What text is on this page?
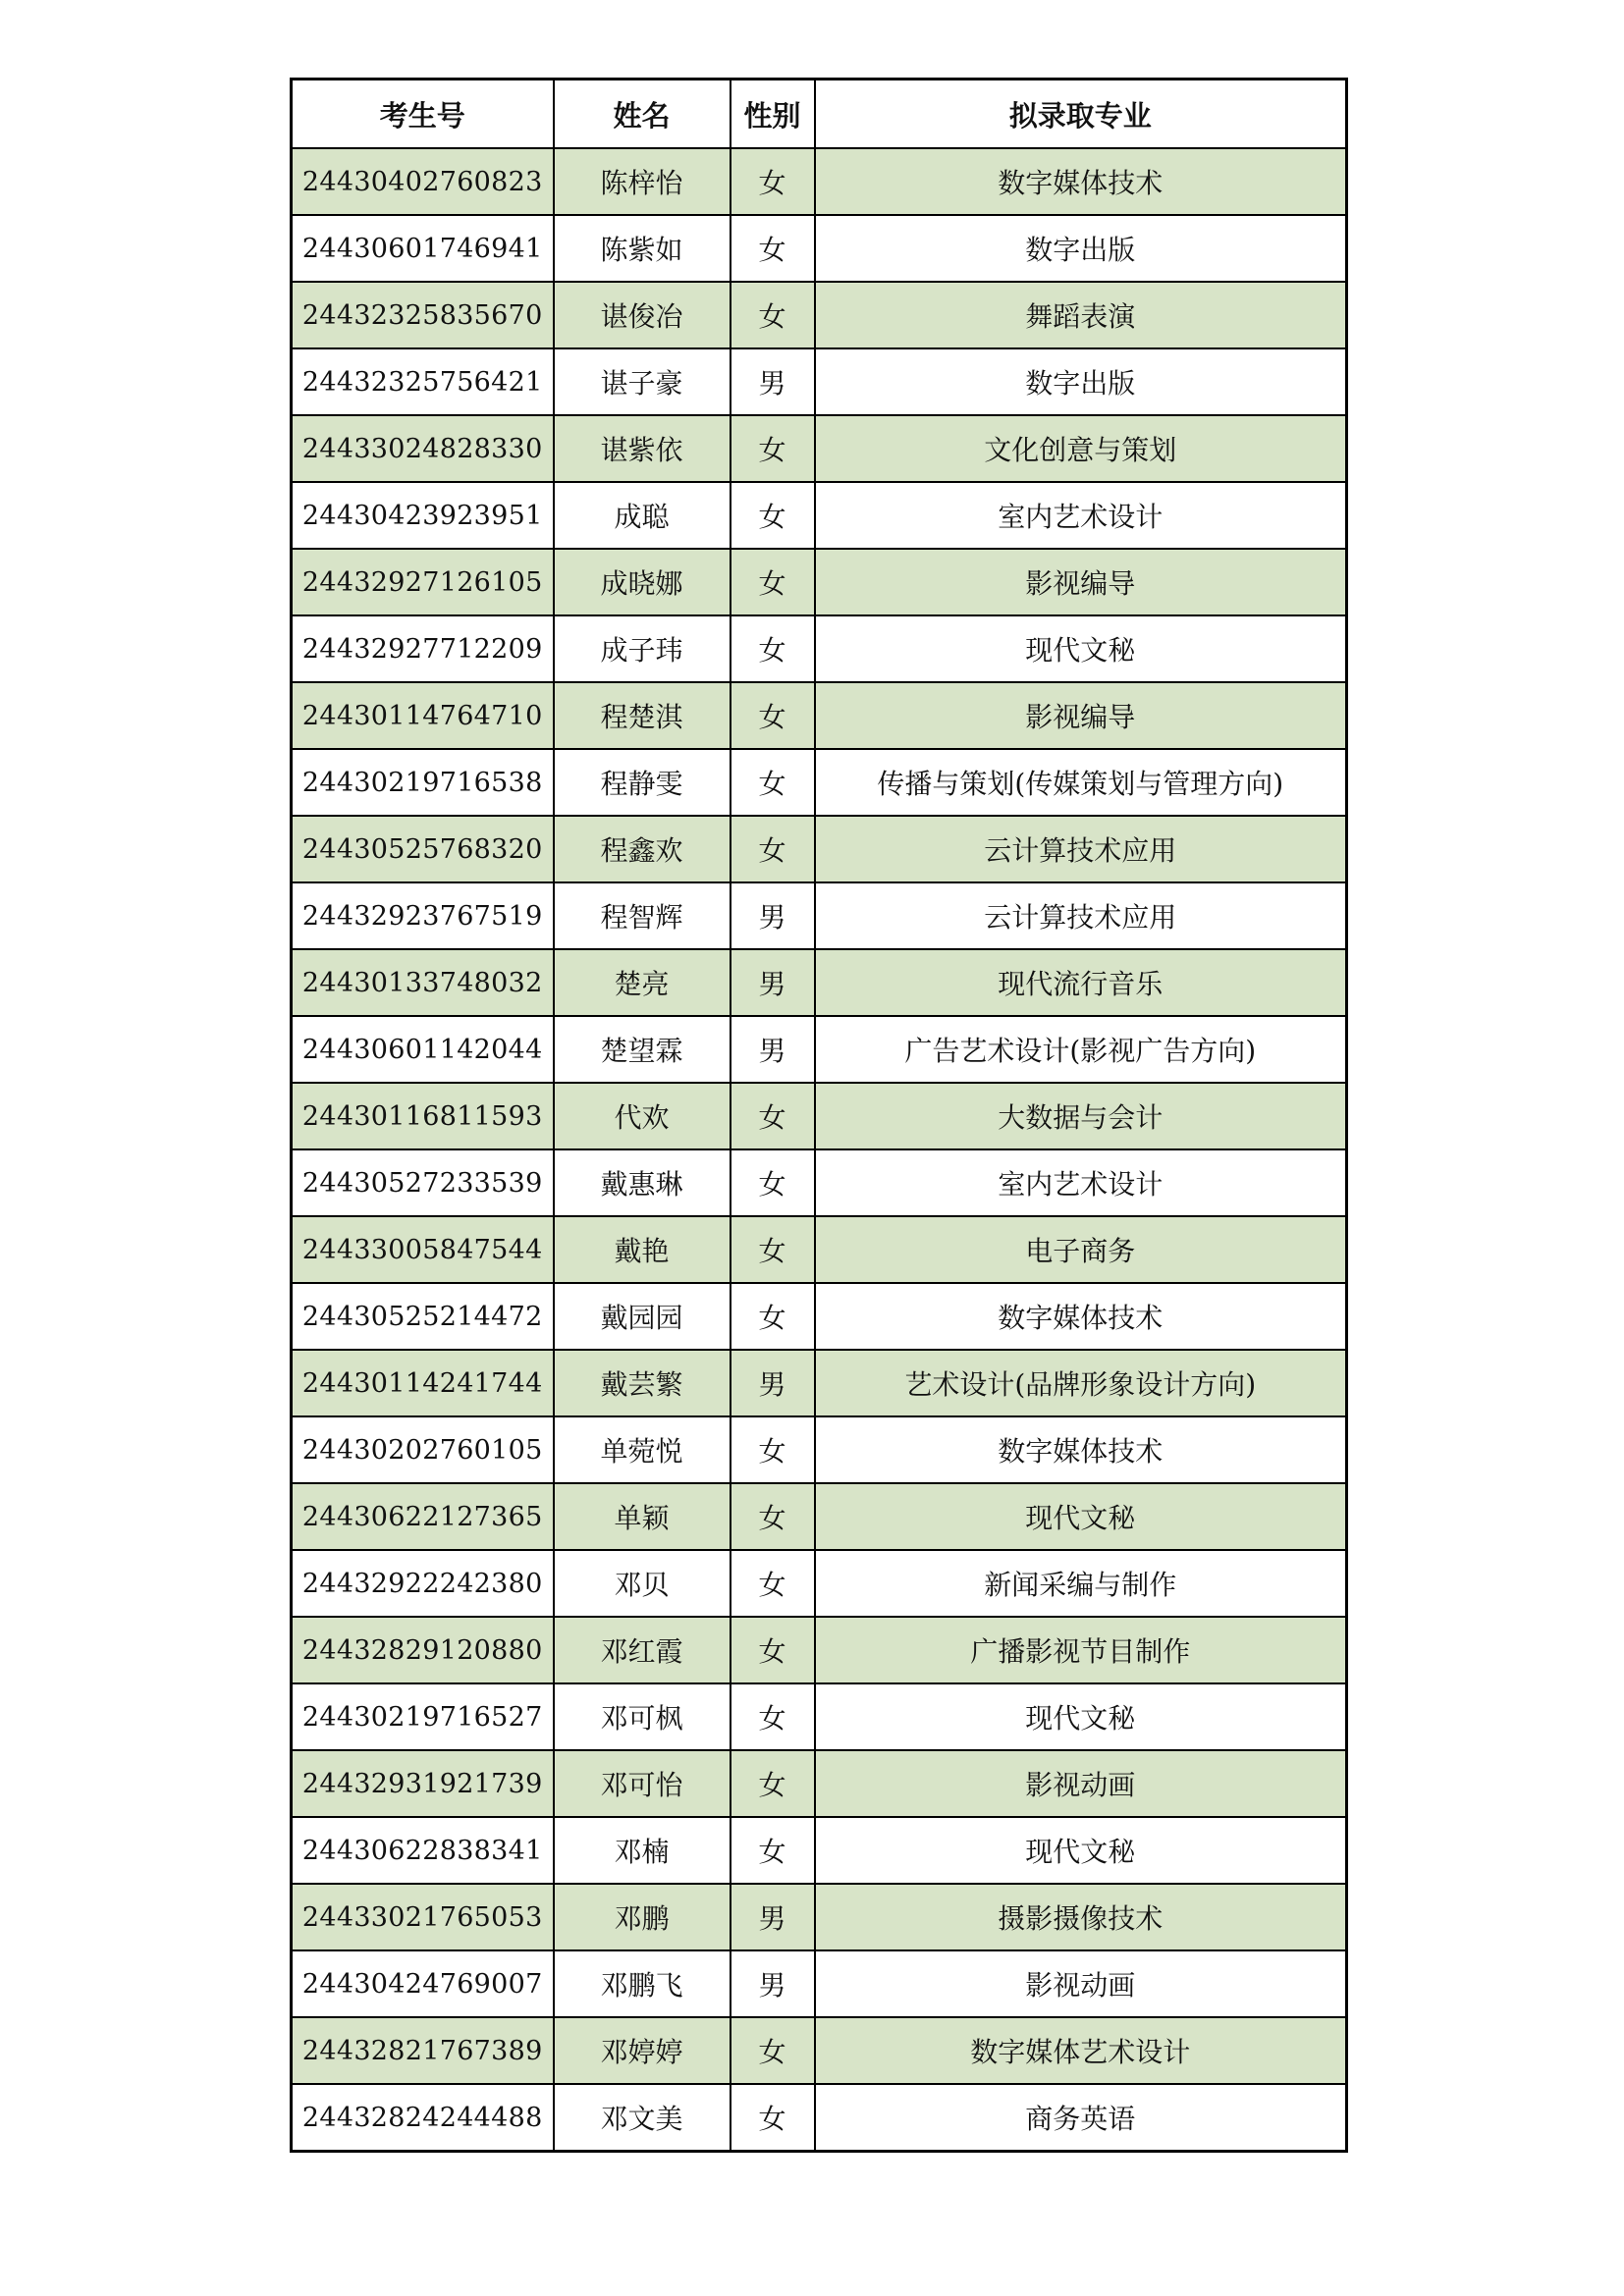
考生号	姓名	性别	拟录取专业
24430402760823	陈梓怡	女	数字媒体技术
24430601746941	陈紫如	女	数字出版
24432325835670	谌俊冶	女	舞蹈表演
24432325756421	谌子豪	男	数字出版
24433024828330	谌紫依	女	文化创意与策划
24430423923951	成聪	女	室内艺术设计
24432927126105	成晓娜	女	影视编导
24432927712209	成子玮	女	现代文秘
24430114764710	程楚淇	女	影视编导
24430219716538	程静雯	女	传播与策划(传媒策划与管理方向)
24430525768320	程鑫欢	女	云计算技术应用
24432923767519	程智辉	男	云计算技术应用
24430133748032	楚亮	男	现代流行音乐
24430601142044	楚望霖	男	广告艺术设计(影视广告方向)
24430116811593	代欢	女	大数据与会计
24430527233539	戴惠琳	女	室内艺术设计
24433005847544	戴艳	女	电子商务
24430525214472	戴园园	女	数字媒体技术
24430114241744	戴芸繁	男	艺术设计(品牌形象设计方向)
24430202760105	单菀悦	女	数字媒体技术
24430622127365	单颖	女	现代文秘
24432922242380	邓贝	女	新闻采编与制作
24432829120880	邓红霞	女	广播影视节目制作
24430219716527	邓可枫	女	现代文秘
24432931921739	邓可怡	女	影视动画
24430622838341	邓楠	女	现代文秘
24433021765053	邓鹏	男	摄影摄像技术
24430424769007	邓鹏飞	男	影视动画
24432821767389	邓婷婷	女	数字媒体艺术设计
24432824244488	邓文美	女	商务英语
